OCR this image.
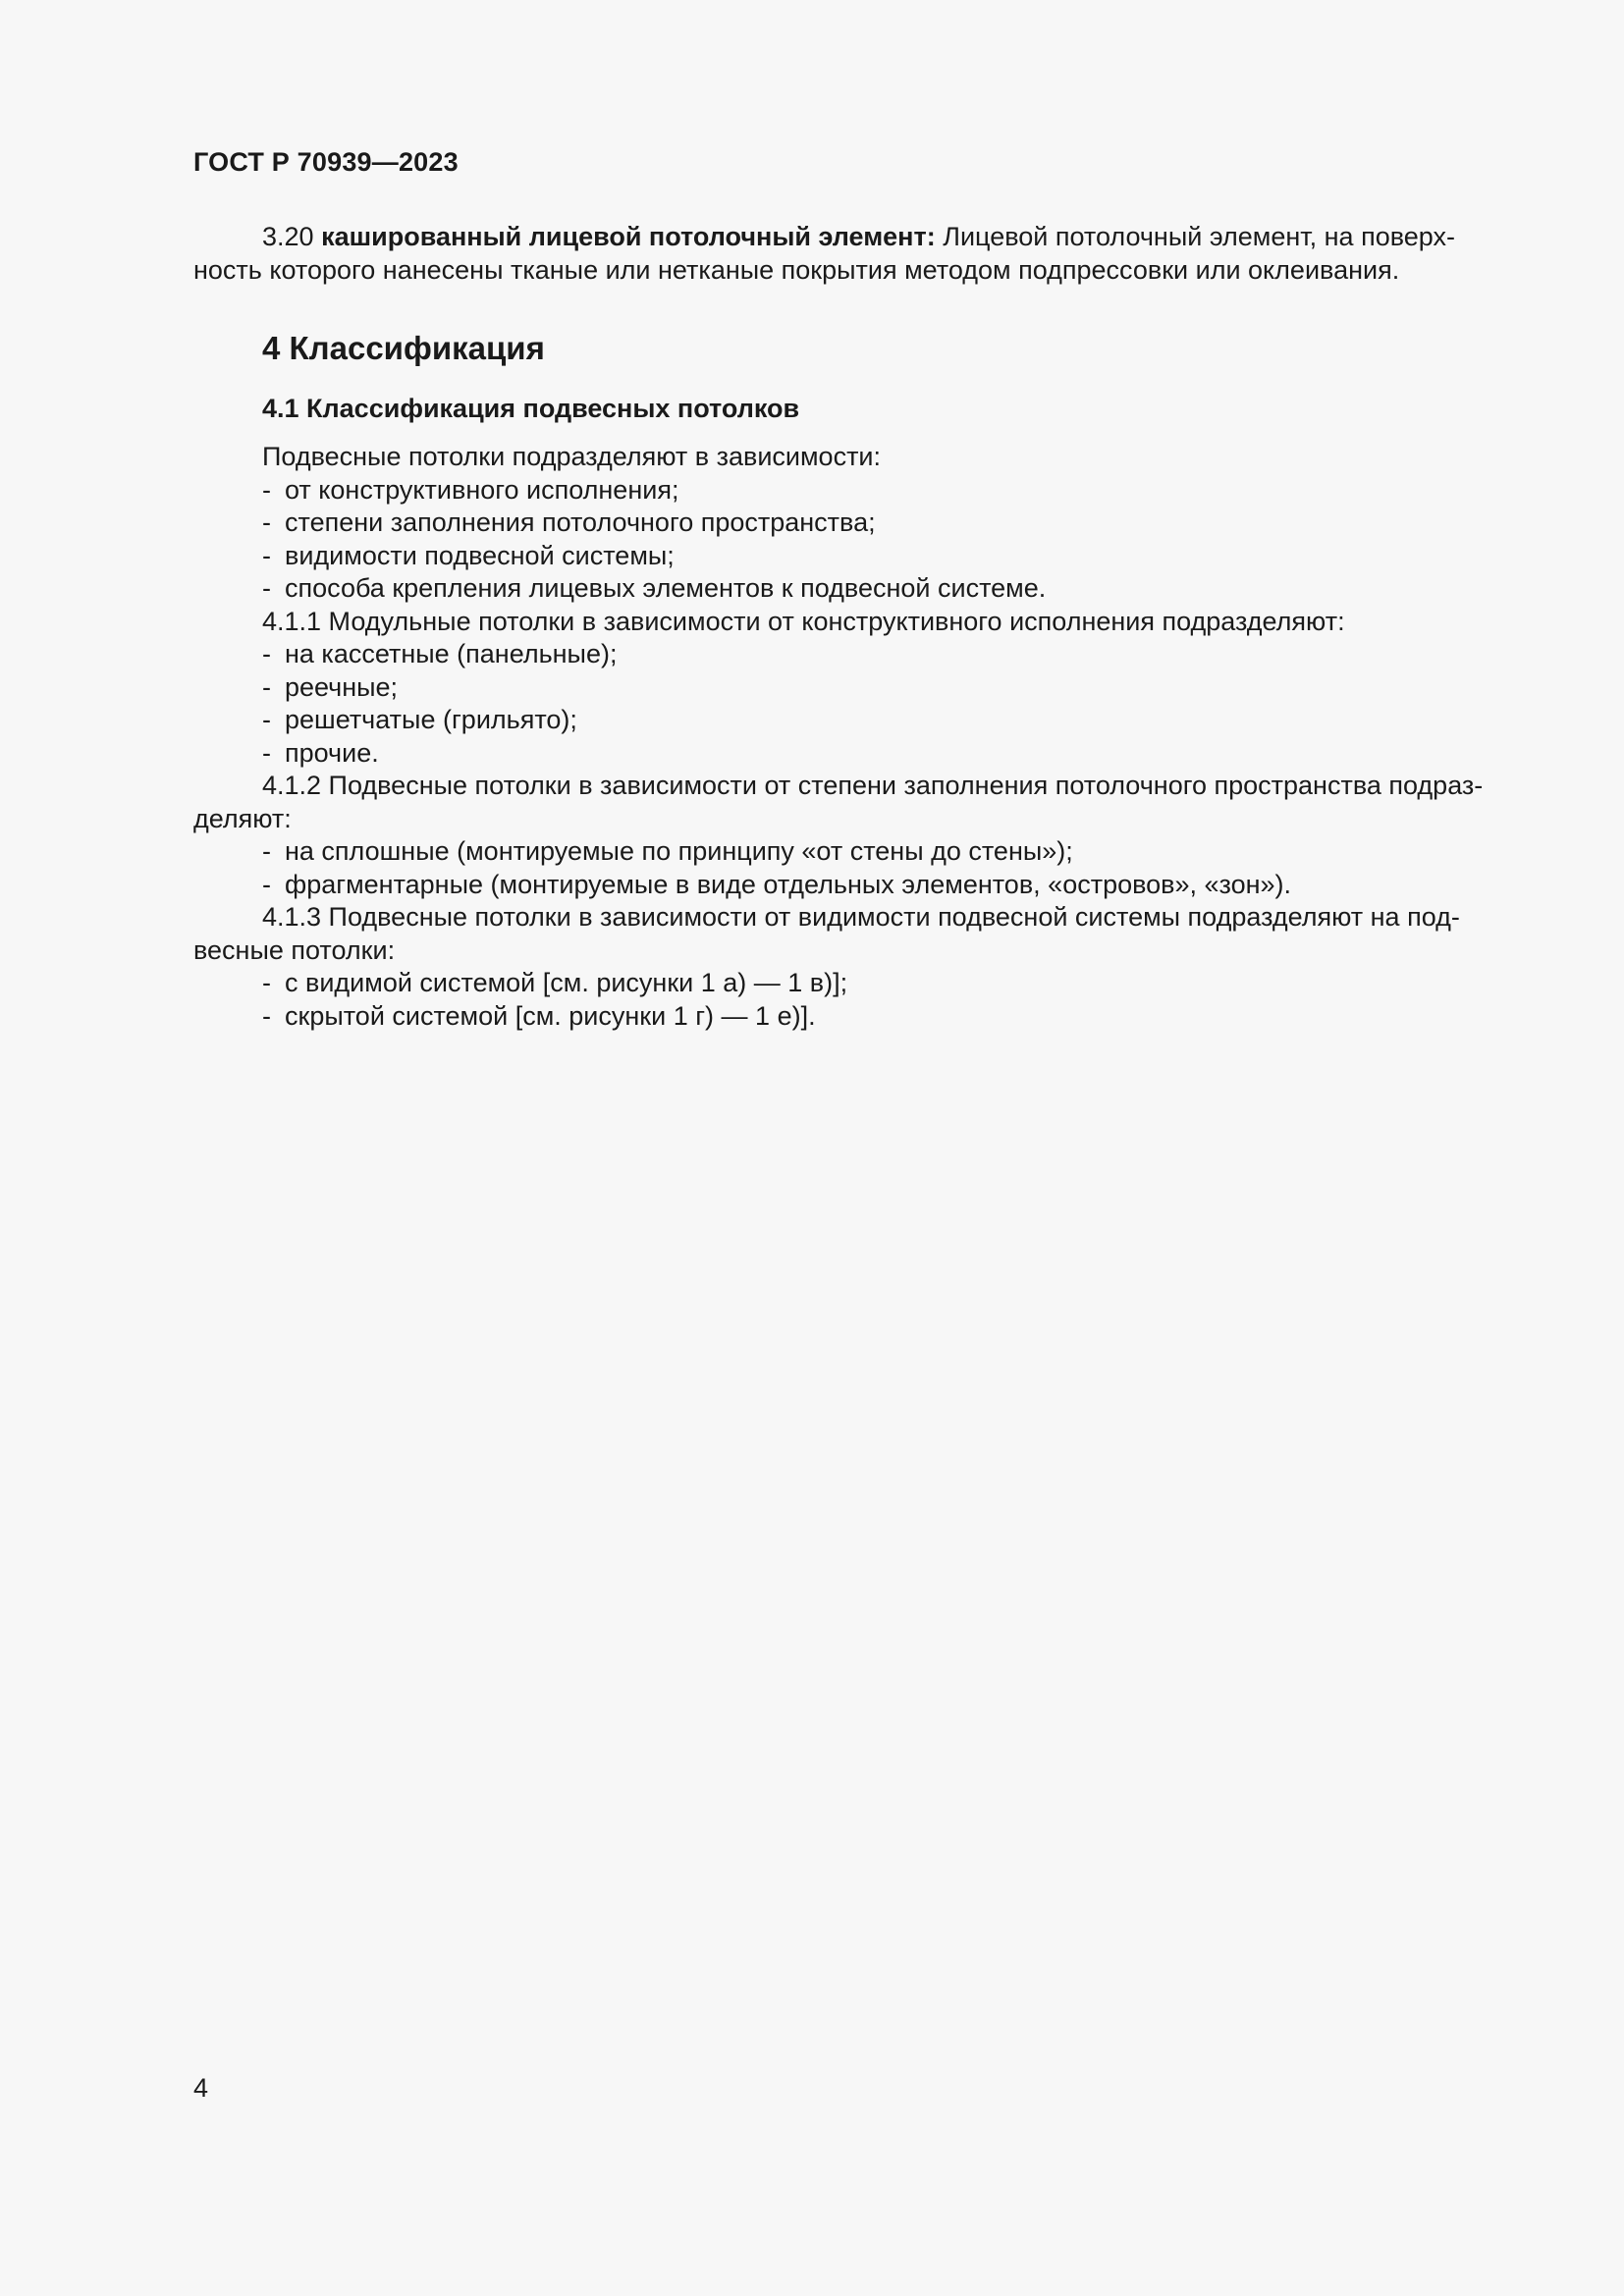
ГОСТ Р 70939—2023
3.20 кашированный лицевой потолочный элемент: Лицевой потолочный элемент, на поверх-
ность которого нанесены тканые или нетканые покрытия методом подпрессовки или оклеивания.
4 Классификация
4.1 Классификация подвесных потолков
Подвесные потолки подразделяют в зависимости:
- от конструктивного исполнения;
- степени заполнения потолочного пространства;
- видимости подвесной системы;
- способа крепления лицевых элементов к подвесной системе.
4.1.1 Модульные потолки в зависимости от конструктивного исполнения подразделяют:
- на кассетные (панельные);
- реечные;
- решетчатые (грильято);
- прочие.
4.1.2 Подвесные потолки в зависимости от степени заполнения потолочного пространства подраз-
деляют:
- на сплошные (монтируемые по принципу «от стены до стены»);
- фрагментарные (монтируемые в виде отдельных элементов, «островов», «зон»).
4.1.3 Подвесные потолки в зависимости от видимости подвесной системы подразделяют на под-
весные потолки:
- с видимой системой [см. рисунки 1 а) — 1 в)];
- скрытой системой [см. рисунки 1 г) — 1 е)].
4
